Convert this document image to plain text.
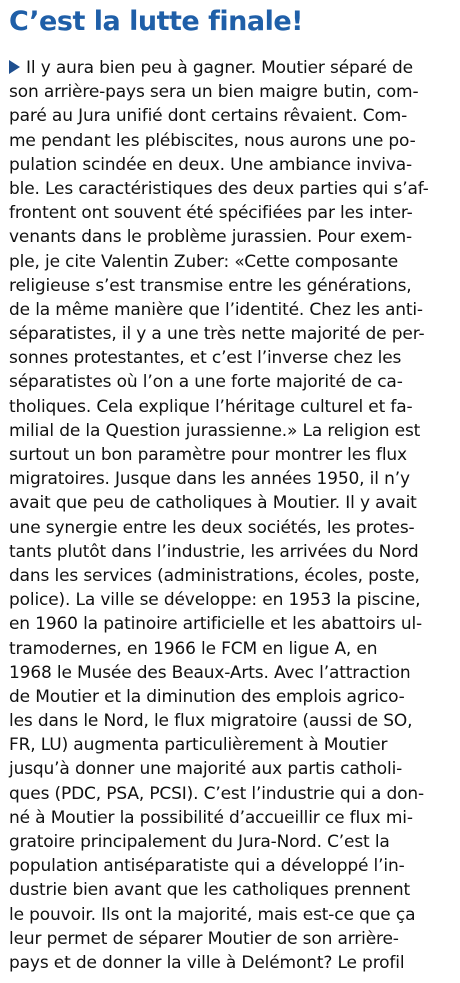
C’est la lutte finale!
Il y aura bien peu à gagner. Moutier séparé de
son arrière-pays sera un bien maigre butin, com-
paré au Jura unifié dont certains rêvaient. Com-
me pendant les plébiscites, nous aurons une po-
pulation scindée en deux. Une ambiance inviva-
ble. Les caractéristiques des deux parties qui s’af-
frontent ont souvent été spécifiées par les inter-
venants dans le problème jurassien. Pour exem-
ple, je cite Valentin Zuber: «Cette composante
religieuse s’est transmise entre les générations,
de la même manière que l’identité. Chez les anti-
séparatistes, il y a une très nette majorité de per-
sonnes protestantes, et c’est l’inverse chez les
séparatistes où l’on a une forte majorité de ca-
tholiques. Cela explique l’héritage culturel et fa-
milial de la Question jurassienne.» La religion est
surtout un bon paramètre pour montrer les flux
migratoires. Jusque dans les années 1950, il n’y
avait que peu de catholiques à Moutier. Il y avait
une synergie entre les deux sociétés, les protes-
tants plutôt dans l’industrie, les arrivées du Nord
dans les services (administrations, écoles, poste,
police). La ville se développe: en 1953 la piscine,
en 1960 la patinoire artificielle et les abattoirs ul-
tramodernes, en 1966 le FCM en ligue A, en
1968 le Musée des Beaux-Arts. Avec l’attraction
de Moutier et la diminution des emplois agrico-
les dans le Nord, le flux migratoire (aussi de SO,
FR, LU) augmenta particulièrement à Moutier
jusqu’à donner une majorité aux partis catholi-
ques (PDC, PSA, PCSI). C’est l’industrie qui a don-
né à Moutier la possibilité d’accueillir ce flux mi-
gratoire principalement du Jura-Nord. C’est la
population antiséparatiste qui a développé l’in-
dustrie bien avant que les catholiques prennent
le pouvoir. Ils ont la majorité, mais est-ce que ça
leur permet de séparer Moutier de son arrière-
pays et de donner la ville à Delémont? Le profil
